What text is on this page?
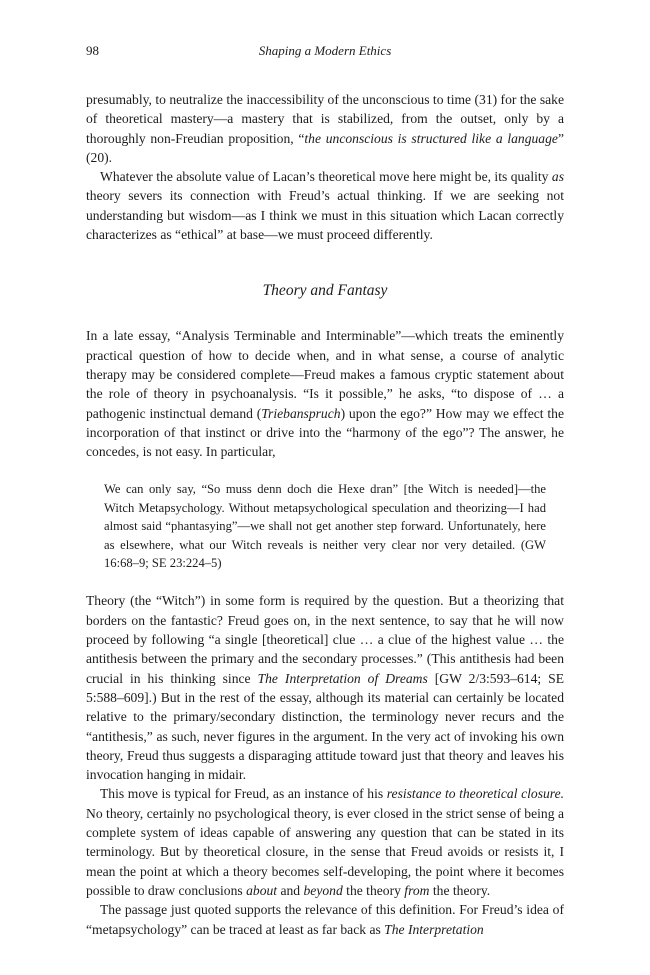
98	Shaping a Modern Ethics

presumably, to neutralize the inaccessibility of the unconscious to time (31) for the sake of theoretical mastery—a mastery that is stabilized, from the outset, only by a thoroughly non-Freudian proposition, “the unconscious is structured like a language” (20).

Whatever the absolute value of Lacan’s theoretical move here might be, its quality as theory severs its connection with Freud’s actual thinking. If we are seeking not understanding but wisdom—as I think we must in this situation which Lacan correctly characterizes as “ethical” at base—we must proceed differently.

Theory and Fantasy

In a late essay, “Analysis Terminable and Interminable”—which treats the eminently practical question of how to decide when, and in what sense, a course of analytic therapy may be considered complete—Freud makes a famous cryptic statement about the role of theory in psychoanalysis. “Is it possible,” he asks, “to dispose of … a pathogenic instinctual demand (Triebanspruch) upon the ego?” How may we effect the incorporation of that instinct or drive into the “harmony of the ego”? The answer, he concedes, is not easy. In particular,

We can only say, “So muss denn doch die Hexe dran” [the Witch is needed]—the Witch Metapsychology. Without metapsychological speculation and theorizing—I had almost said “phantasying”—we shall not get another step forward. Unfortunately, here as elsewhere, what our Witch reveals is neither very clear nor very detailed. (GW 16:68–9; SE 23:224–5)

Theory (the “Witch”) in some form is required by the question. But a theorizing that borders on the fantastic? Freud goes on, in the next sentence, to say that he will now proceed by following “a single [theoretical] clue … a clue of the highest value … the antithesis between the primary and the secondary processes.” (This antithesis had been crucial in his thinking since The Interpretation of Dreams [GW 2/3:593–614; SE 5:588–609].) But in the rest of the essay, although its material can certainly be located relative to the primary/secondary distinction, the terminology never recurs and the “antithesis,” as such, never figures in the argument. In the very act of invoking his own theory, Freud thus suggests a disparaging attitude toward just that theory and leaves his invocation hanging in midair.

This move is typical for Freud, as an instance of his resistance to theoretical closure. No theory, certainly no psychological theory, is ever closed in the strict sense of being a complete system of ideas capable of answering any question that can be stated in its terminology. But by theoretical closure, in the sense that Freud avoids or resists it, I mean the point at which a theory becomes self-developing, the point where it becomes possible to draw conclusions about and beyond the theory from the theory.

The passage just quoted supports the relevance of this definition. For Freud’s idea of “metapsychology” can be traced at least as far back as The Interpretation
